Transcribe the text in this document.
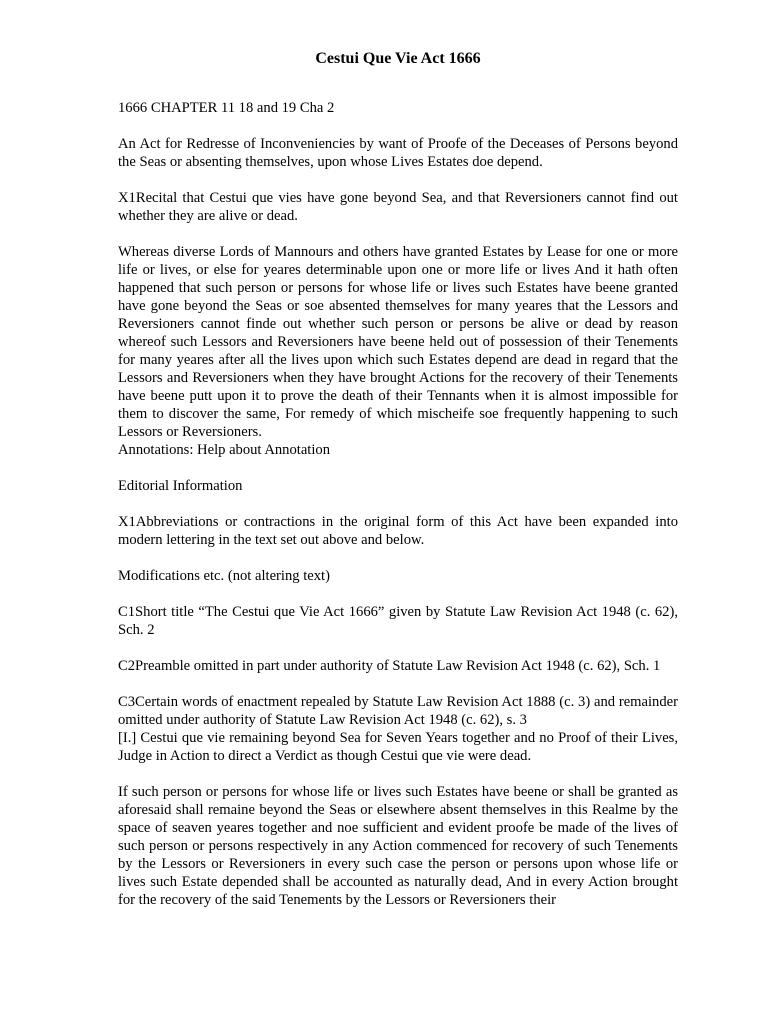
Cestui Que Vie Act 1666

1666 CHAPTER 11 18 and 19 Cha 2

An Act for Redresse of Inconveniencies by want of Proofe of the Deceases of Persons beyond the Seas or absenting themselves, upon whose Lives Estates doe depend.

X1Recital that Cestui que vies have gone beyond Sea, and that Reversioners cannot find out whether they are alive or dead.

Whereas diverse Lords of Mannours and others have granted Estates by Lease for one or more life or lives, or else for yeares determinable upon one or more life or lives And it hath often happened that such person or persons for whose life or lives such Estates have beene granted have gone beyond the Seas or soe absented themselves for many yeares that the Lessors and Reversioners cannot finde out whether such person or persons be alive or dead by reason whereof such Lessors and Reversioners have beene held out of possession of their Tenements for many yeares after all the lives upon which such Estates depend are dead in regard that the Lessors and Reversioners when they have brought Actions for the recovery of their Tenements have beene putt upon it to prove the death of their Tennants when it is almost impossible for them to discover the same, For remedy of which mischeife soe frequently happening to such Lessors or Reversioners.

Annotations: Help about Annotation

Editorial Information

X1Abbreviations or contractions in the original form of this Act have been expanded into modern lettering in the text set out above and below.

Modifications etc. (not altering text)

C1Short title “The Cestui que Vie Act 1666” given by Statute Law Revision Act 1948 (c. 62), Sch. 2

C2Preamble omitted in part under authority of Statute Law Revision Act 1948 (c. 62), Sch. 1

C3Certain words of enactment repealed by Statute Law Revision Act 1888 (c. 3) and remainder omitted under authority of Statute Law Revision Act 1948 (c. 62), s. 3

[I.] Cestui que vie remaining beyond Sea for Seven Years together and no Proof of their Lives, Judge in Action to direct a Verdict as though Cestui que vie were dead.

If such person or persons for whose life or lives such Estates have beene or shall be granted as aforesaid shall remaine beyond the Seas or elsewhere absent themselves in this Realme by the space of seaven yeares together and noe sufficient and evident proofe be made of the lives of such person or persons respectively in any Action commenced for recovery of such Tenements by the Lessors or Reversioners in every such case the person or persons upon whose life or lives such Estate depended shall be accounted as naturally dead, And in every Action brought for the recovery of the said Tenements by the Lessors or Reversioners their
